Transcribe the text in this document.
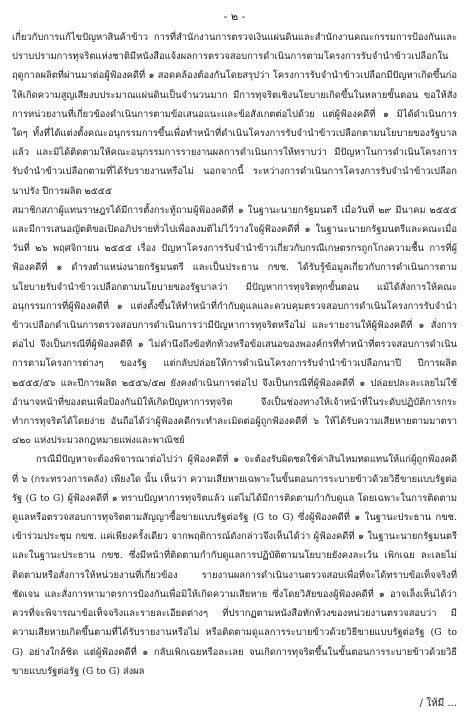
- ๒ -

เกี่ยวกับการแก้ไขปัญหาสินค้าข้าว การที่สำนักงานการตรวจเงินแผ่นดินและสำนักงานคณะกรรมการป้องกันและปราบปรามการทุจริตแห่งชาติมีหนังสือแจ้งผลการตรวจสอบการดำเนินการตามโครงการรับจำนำข้าวเปลือกในฤดูกาลผลิตที่ผ่านมาต่อผู้ฟ้องคดีที่ ๑ สอดคล้องต้องกันโดยสรุปว่า โครงการรับจำนำข้าวเปลือกมีปัญหาเกิดขึ้นก่อให้เกิดความสูญเสียงบประมาณแผ่นดินเป็นจำนวนมาก มีการทุจริตเชิงนโยบายเกิดขึ้นในหลายขั้นตอน ขอให้สั่งการหน่วยงานที่เกี่ยวข้องดำเนินการตามข้อเสนอแนะและข้อสังเกตต่อไปด้วย แต่ผู้ฟ้องคดีที่ ๑ มิได้ดำเนินการใดๆ ทั้งที่ได้แต่งตั้งคณะอนุกรรมการขึ้นเพื่อทำหน้าที่ดำเนินโครงการรับจำนำข้าวเปลือกตามนโยบายของรัฐบาลแล้ว และมิได้ติดตามให้คณะอนุกรรมการรายงานผลการดำเนินการให้ทราบว่า มีปัญหาในการดำเนินโครงการรับจำนำข้าวเปลือกตามที่ได้รับรายงานหรือไม่ นอกจากนี้ ระหว่างการดำเนินการโครงการรับจำนำข้าวเปลือกนาปรัง ปีการผลิต ๒๕๕๕

สมาชิกสภาผู้แทนราษฎรได้มีการตั้งกระทู้ถามผู้ฟ้องคดีที่ ๑ ในฐานะนายกรัฐมนตรี เมื่อวันที่ ๒๙ มีนาคม ๒๕๕๕ และมีการเสนอญัตติขอเปิดอภิปรายทั่วไปเพื่อลงมติไม่ไว้วางใจผู้ฟ้องคดีที่ ๑ ในฐานะนายกรัฐมนตรีและคณะเมื่อวันที่ ๒๖ พฤศจิกายน ๒๕๕๕ เรื่อง ปัญหาโครงการรับจำนำข้าวเกี่ยวกับกรณีเกษตรกรถูกโกงความชื้น การที่ผู้ฟ้องคดีที่ ๑ ดำรงตำแหน่งนายกรัฐมนตรี และเป็นประธาน กขช. ได้รับรู้ข้อมูลเกี่ยวกับการดำเนินการตามนโยบายรับจำนำข้าวเปลือกตามนโยบายของรัฐบาลว่า มีปัญหาการทุจริตทุกขั้นตอน แม้ได้สั่งการให้คณะอนุกรรมการที่ผู้ฟ้องคดีที่ ๑ แต่งตั้งขึ้นให้ทำหน้าที่กำกับดูแลและควบคุมตรวจสอบการดำเนินโครงการรับจำนำข้าวเปลือกดำเนินการตรวจสอบการดำเนินการว่ามีปัญหาการทุจริตหรือไม่ และรายงานให้ผู้ฟ้องคดีที่ ๑ สั่งการต่อไป จึงเป็นกรณีที่ผู้ฟ้องคดีที่ ๑ ไม่คำนึงถึงข้อทักท้วงหรือข้อเสนอของพองค์กรที่ทำหน้าที่ตรวจสอบการดำเนินการตามโครงการต่างๆ ของรัฐ แต่กลับปล่อยให้การดำเนินโครงการรับจำนำข้าวเปลือกนาปี ปีการผลิต ๒๕๕๕/๕๖ และปีการผลิต ๒๕๕๖/๕๗ ยังคงดำเนินการต่อไป จึงเป็นกรณีที่ผู้ฟ้องคดีที่ ๑ ปล่อยปละละเลยไม่ใช้อำนาจหน้าที่ของตนเพื่อป้องกันมิให้เกิดปัญหาการทุจริต จึงเป็นช่องทางให้เจ้าหน้าที่ในระดับปฏิบัติการกระทำการทุจริตได้โดยง่าย อันถือได้ว่าผู้ฟ้องคดีกระทำละเมิดต่อผู้ถูกฟ้องคดีที่ ๖ ให้ได้รับความเสียหายตามมาตรา ๔๒๐ แห่งประมวลกฎหมายแพ่งและพาณิชย์

กรณีมีปัญหาจะต้องพิจารณาต่อไปว่า ผู้ฟ้องคดีที่ ๑ จะต้องรับผิดชดใช้ค่าสินไหมทดแทนให้แก่ผู้ถูกฟ้องคดีที่ ๖ (กระทรวงการคลัง) เพียงใด นั้น เห็นว่า ความเสียหายเฉพาะในขั้นตอนการระบายข้าวด้วยวิธีขายแบบรัฐต่อรัฐ (G to G) ผู้ฟ้องคดีที่ ๑ ทราบปัญหาการทุจริตแล้ว แต่ไม่ได้มีการติดตามกำกับดูแล โดยเฉพาะในการติดตามดูแลหรือตรวจสอบการทุจริตตามสัญญาซื้อขายแบบรัฐต่อรัฐ (G to G) ซึ่งผู้ฟ้องคดีที่ ๑ ในฐานะประธาน กขช. เข้าร่วมประชุม กขช. แค่เพียงครั้งเดียว จากพฤติการณ์ดังกล่าวจึงเห็นได้ว่า ผู้ฟ้องคดีที่ ๑ ในฐานะนายกรัฐมนตรี และในฐานะประธาน กขช. ซึ่งมีหน้าที่ติดตามกำกับดูแลการปฏิบัติตามนโยบายยังคงละเว้น เพิกเฉย ละเลยไม่ติดตามหรือสั่งการให้หน่วยงานที่เกี่ยวข้อง รายงานผลการดำเนินงานตรวจสอบเพื่อที่จะได้ทราบข้อเท็จจริงที่ชัดเจน และสั่งการหามาตรการป้องกันเพื่อมิให้เกิดความเสียหาย ซึ่งโดยวิสัยของผู้ฟ้องคดีที่ ๑ อาจเล็งเห็นได้ว่า ควรที่จะพิจารณาข้อเท็จจริงและรายละเอียดต่างๆ ที่ปรากฏตามหนังสือทักท้วงของหน่วยงานตรวจสอบว่า มีความเสียหายเกิดขึ้นตามที่ได้รับรายงานหรือไม่ หรือติดตามดูแลการระบายข้าวด้วยวิธีขายแบบรัฐต่อรัฐ (G to G) อย่างใกล้ชิด แต่ผู้ฟ้องคดีที่ ๑ กลับเพิกเฉยหรือละเลย จนเกิดการทุจริตขึ้นในขั้นตอนการระบายข้าวด้วยวิธีขายแบบรัฐต่อรัฐ (G to G) ส่งผล

/ ให้มี ...
